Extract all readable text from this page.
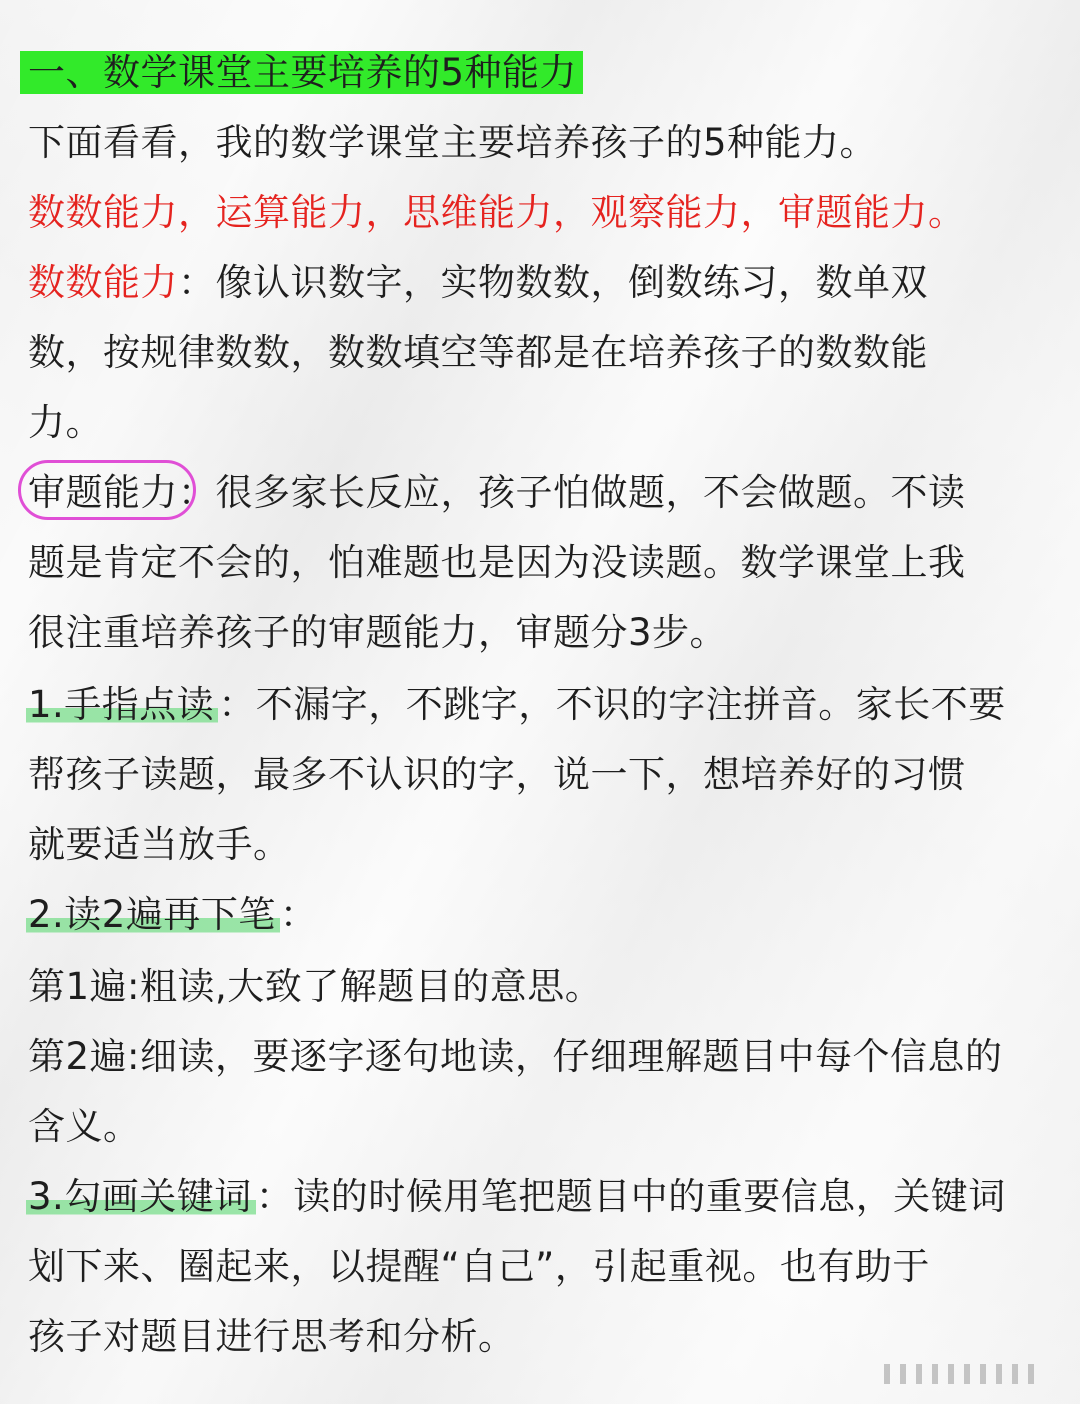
一、数学课堂主要培养的5种能力
下面看看，我的数学课堂主要培养孩子的5种能力。
数数能力，运算能力，思维能力，观察能力，审题能力。
数数能力：像认识数字，实物数数，倒数练习，数单双
数，按规律数数，数数填空等都是在培养孩子的数数能
力。
审题能力：很多家长反应，孩子怕做题，不会做题。不读
题是肯定不会的，怕难题也是因为没读题。数学课堂上我
很注重培养孩子的审题能力，审题分3步。
1.手指点读 ：不漏字，不跳字，不识的字注拼音。家长不要
帮孩子读题，最多不认识的字，说一下，想培养好的习惯
就要适当放手。
2.读2遍再下笔 ：
第1遍:粗读,大致了解题目的意思。
第2遍:细读，要逐字逐句地读，仔细理解题目中每个信息的
含义。
3.勾画关键词 ：读的时候用笔把题目中的重要信息，关键词
划下来、圈起来，以提醒“自己”，引起重视。也有助于
孩子对题目进行思考和分析。
